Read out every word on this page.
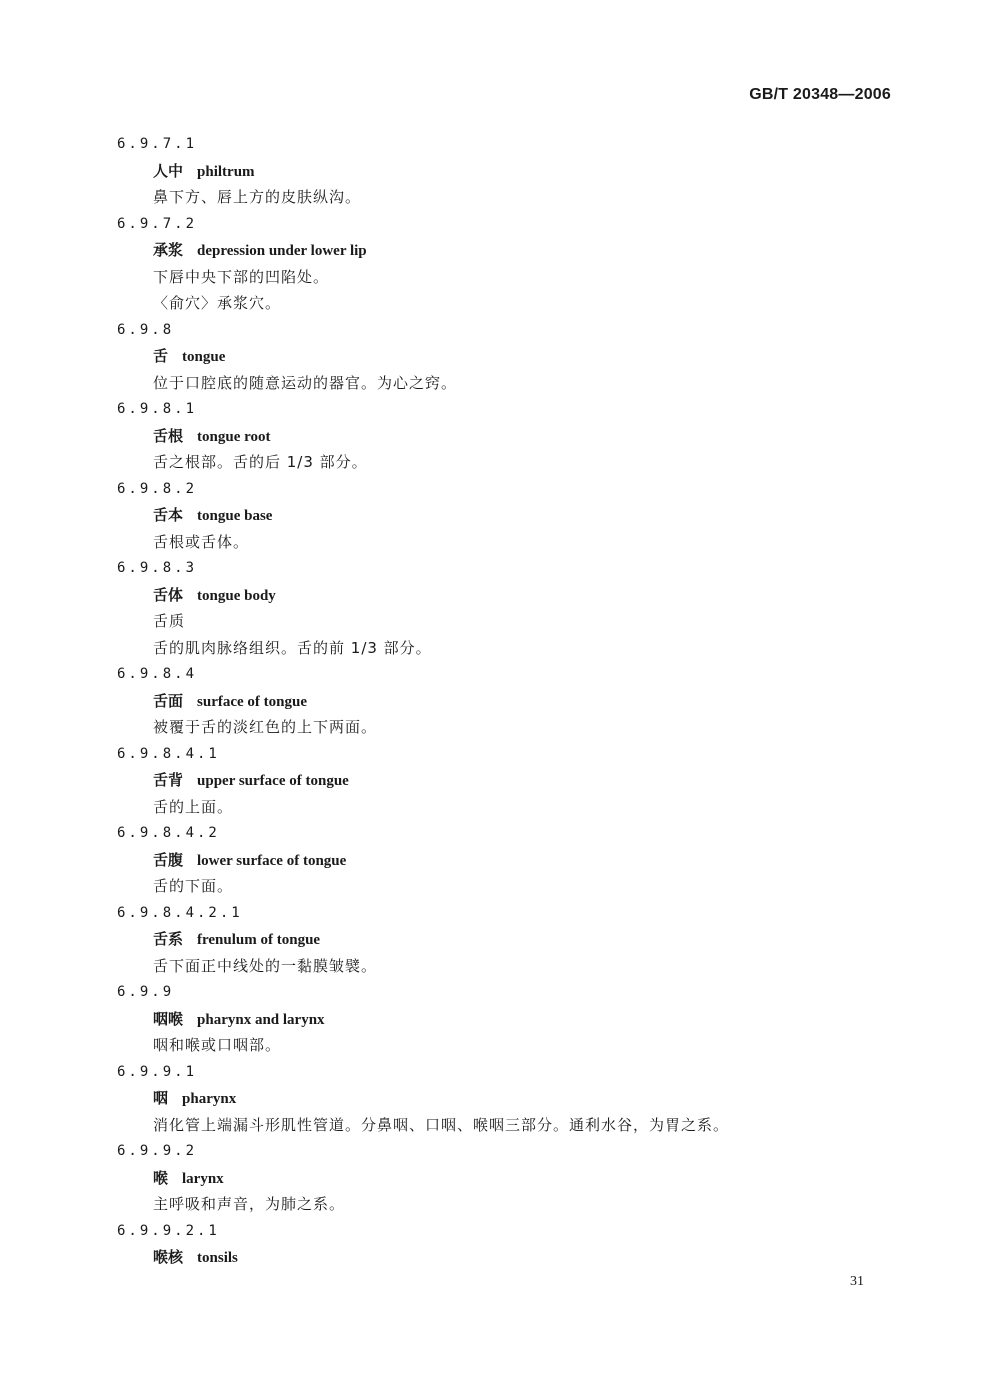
GB/T 20348—2006
6.9.7.1
人中 philtrum
鼻下方、唇上方的皮肤纵沟。
6.9.7.2
承浆 depression under lower lip
下唇中央下部的凹陷处。
〈俞穴〉承浆穴。
6.9.8
舌 tongue
位于口腔底的随意运动的器官。为心之窍。
6.9.8.1
舌根 tongue root
舌之根部。舌的后 1/3 部分。
6.9.8.2
舌本 tongue base
舌根或舌体。
6.9.8.3
舌体 tongue body
舌质
舌的肌肉脉络组织。舌的前 1/3 部分。
6.9.8.4
舌面 surface of tongue
被覆于舌的淡红色的上下两面。
6.9.8.4.1
舌背 upper surface of tongue
舌的上面。
6.9.8.4.2
舌腹 lower surface of tongue
舌的下面。
6.9.8.4.2.1
舌系 frenulum of tongue
舌下面正中线处的一黏膜皱襞。
6.9.9
咽喉 pharynx and larynx
咽和喉或口咽部。
6.9.9.1
咽 pharynx
消化管上端漏斗形肌性管道。分鼻咽、口咽、喉咽三部分。通利水谷，为胃之系。
6.9.9.2
喉 larynx
主呼吸和声音，为肺之系。
6.9.9.2.1
喉核 tonsils
31
